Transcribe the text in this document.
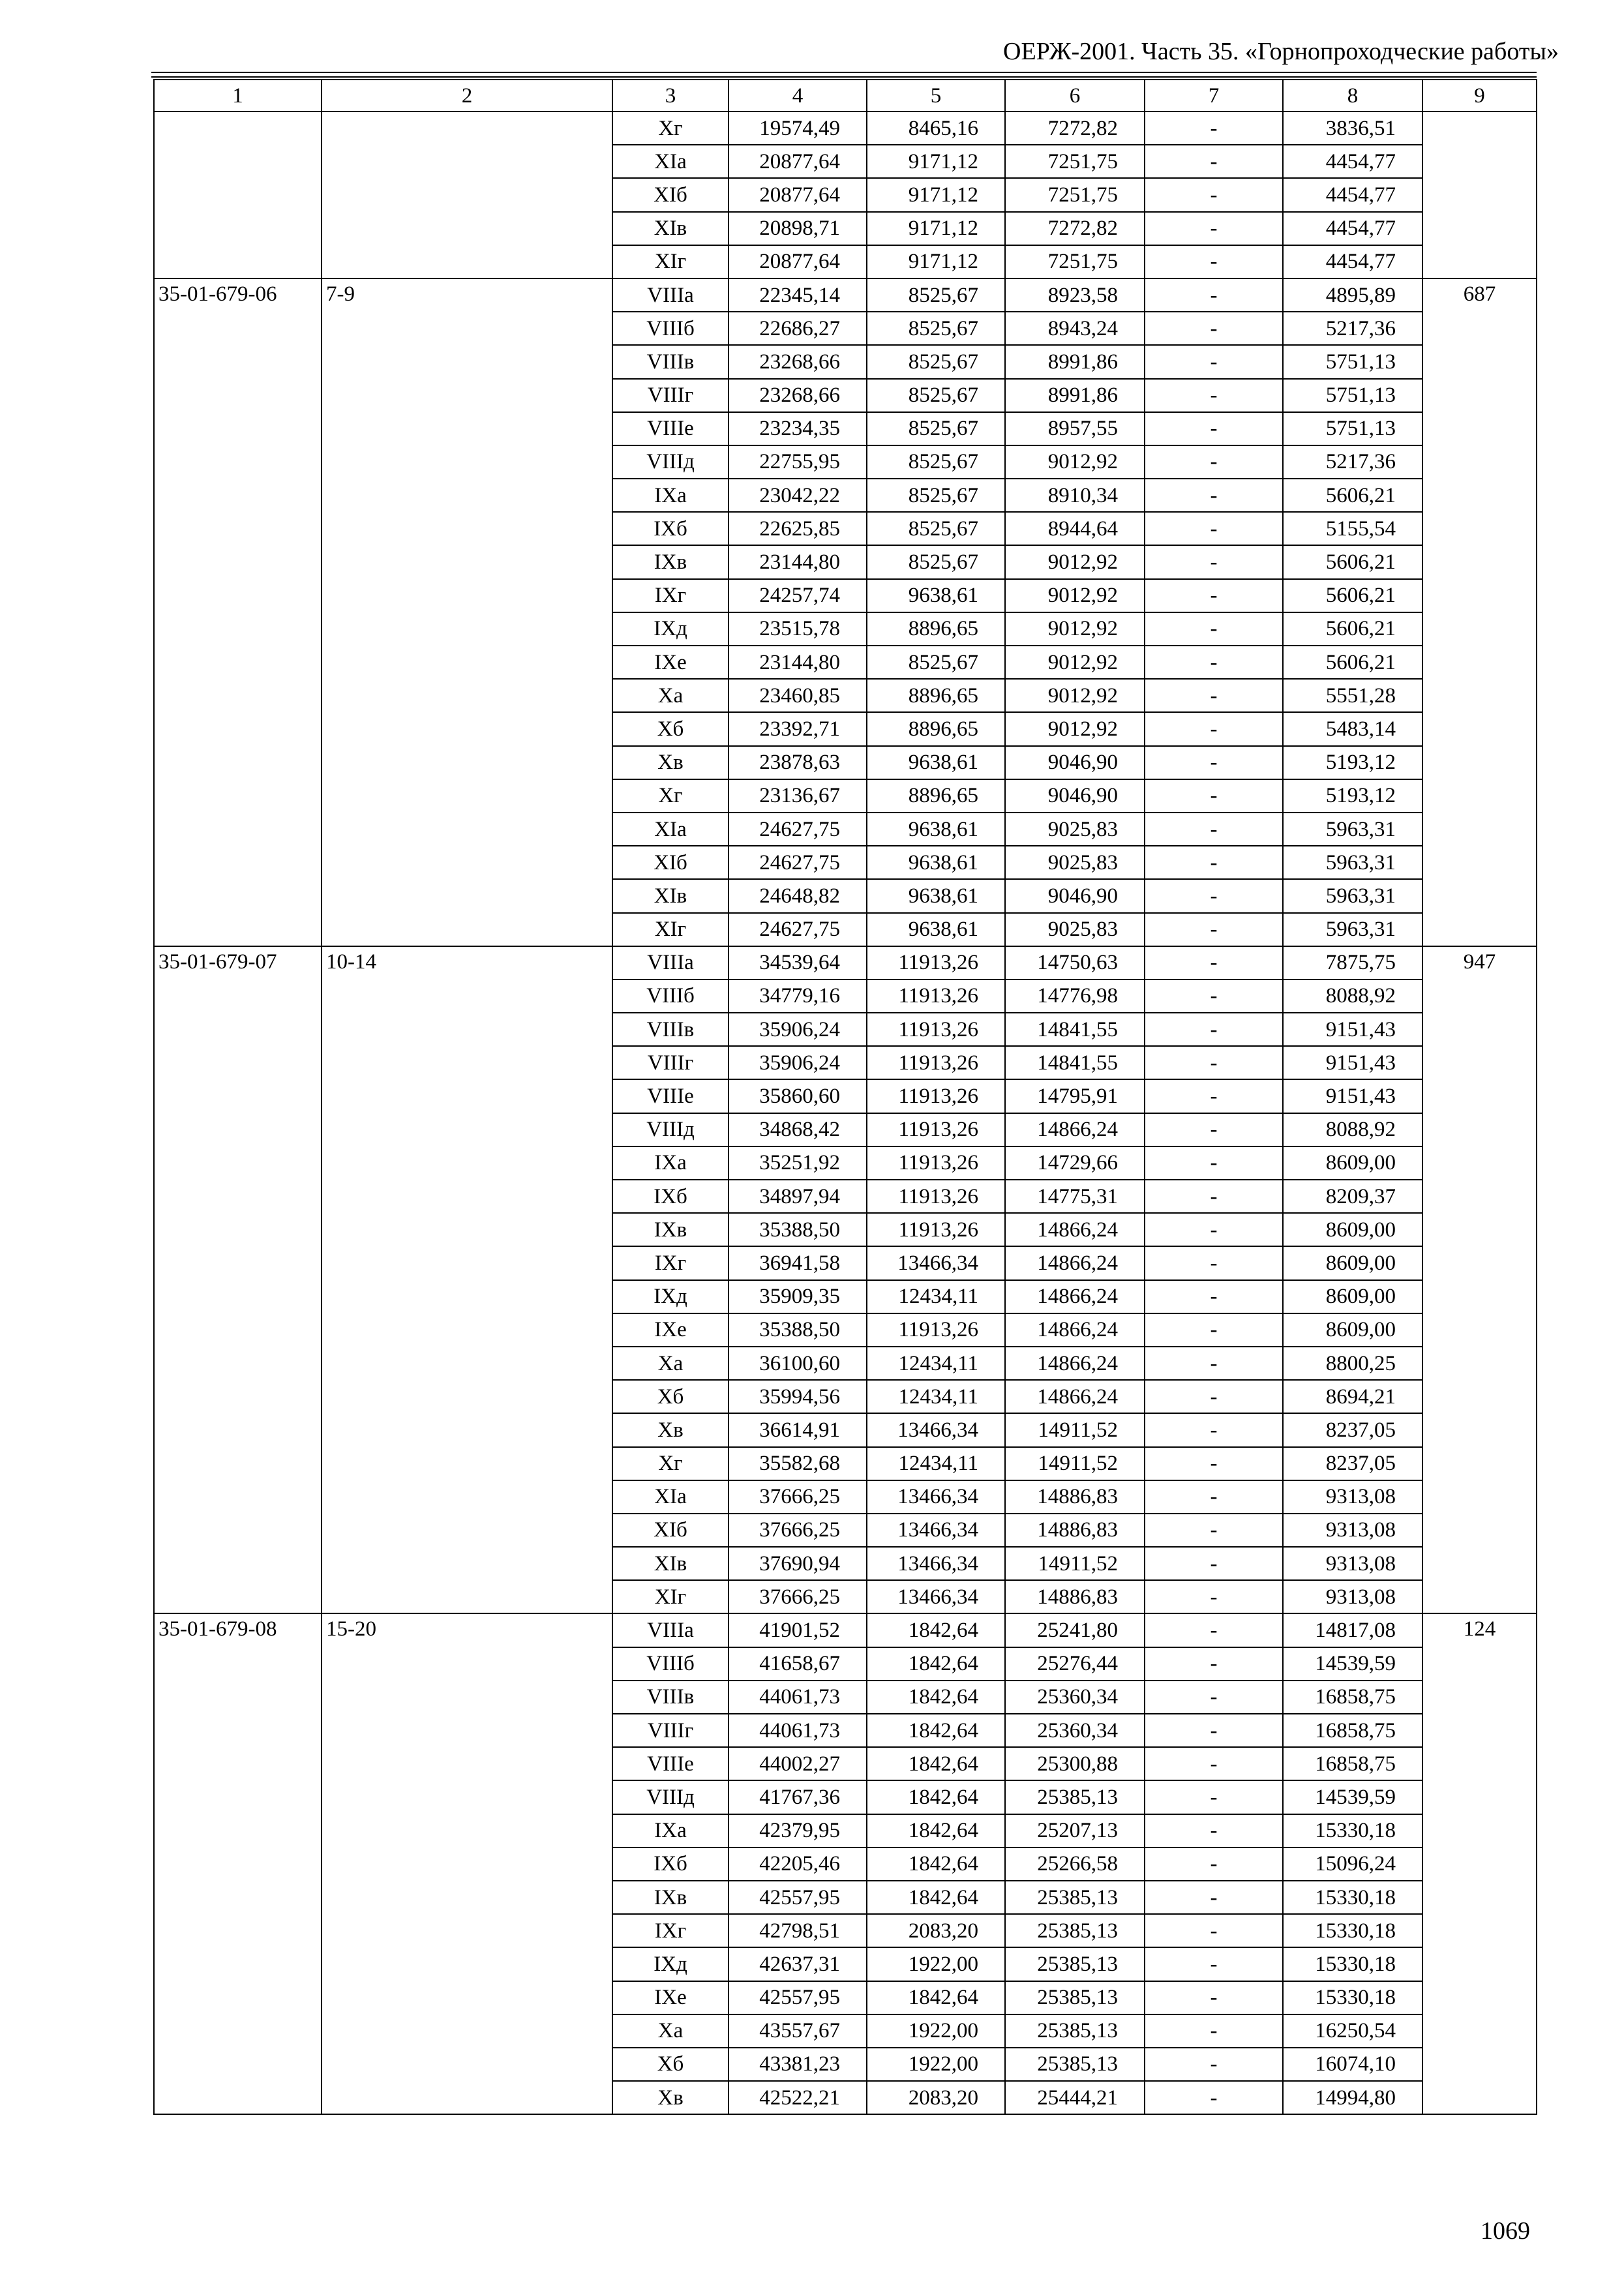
ОЕРЖ-2001. Часть 35. «Горнопроходческие работы»
1	2	3	4	5	6	7	8	9
		Xг	19574,49	8465,16	7272,82	-	3836,51	
		XIа	20877,64	9171,12	7251,75	-	4454,77	
		XIб	20877,64	9171,12	7251,75	-	4454,77	
		XIв	20898,71	9171,12	7272,82	-	4454,77	
		XIг	20877,64	9171,12	7251,75	-	4454,77	
35-01-679-06	7-9	VIIIа	22345,14	8525,67	8923,58	-	4895,89	687
		VIIIб	22686,27	8525,67	8943,24	-	5217,36	
		VIIIв	23268,66	8525,67	8991,86	-	5751,13	
		VIIIг	23268,66	8525,67	8991,86	-	5751,13	
		VIIIе	23234,35	8525,67	8957,55	-	5751,13	
		VIIIд	22755,95	8525,67	9012,92	-	5217,36	
		IXа	23042,22	8525,67	8910,34	-	5606,21	
		IXб	22625,85	8525,67	8944,64	-	5155,54	
		IXв	23144,80	8525,67	9012,92	-	5606,21	
		IXг	24257,74	9638,61	9012,92	-	5606,21	
		IXд	23515,78	8896,65	9012,92	-	5606,21	
		IXе	23144,80	8525,67	9012,92	-	5606,21	
		Xа	23460,85	8896,65	9012,92	-	5551,28	
		Xб	23392,71	8896,65	9012,92	-	5483,14	
		Xв	23878,63	9638,61	9046,90	-	5193,12	
		Xг	23136,67	8896,65	9046,90	-	5193,12	
		XIа	24627,75	9638,61	9025,83	-	5963,31	
		XIб	24627,75	9638,61	9025,83	-	5963,31	
		XIв	24648,82	9638,61	9046,90	-	5963,31	
		XIг	24627,75	9638,61	9025,83	-	5963,31	
35-01-679-07	10-14	VIIIа	34539,64	11913,26	14750,63	-	7875,75	947
		VIIIб	34779,16	11913,26	14776,98	-	8088,92	
		VIIIв	35906,24	11913,26	14841,55	-	9151,43	
		VIIIг	35906,24	11913,26	14841,55	-	9151,43	
		VIIIе	35860,60	11913,26	14795,91	-	9151,43	
		VIIIд	34868,42	11913,26	14866,24	-	8088,92	
		IXа	35251,92	11913,26	14729,66	-	8609,00	
		IXб	34897,94	11913,26	14775,31	-	8209,37	
		IXв	35388,50	11913,26	14866,24	-	8609,00	
		IXг	36941,58	13466,34	14866,24	-	8609,00	
		IXд	35909,35	12434,11	14866,24	-	8609,00	
		IXе	35388,50	11913,26	14866,24	-	8609,00	
		Xа	36100,60	12434,11	14866,24	-	8800,25	
		Xб	35994,56	12434,11	14866,24	-	8694,21	
		Xв	36614,91	13466,34	14911,52	-	8237,05	
		Xг	35582,68	12434,11	14911,52	-	8237,05	
		XIа	37666,25	13466,34	14886,83	-	9313,08	
		XIб	37666,25	13466,34	14886,83	-	9313,08	
		XIв	37690,94	13466,34	14911,52	-	9313,08	
		XIг	37666,25	13466,34	14886,83	-	9313,08	
35-01-679-08	15-20	VIIIа	41901,52	1842,64	25241,80	-	14817,08	124
		VIIIб	41658,67	1842,64	25276,44	-	14539,59	
		VIIIв	44061,73	1842,64	25360,34	-	16858,75	
		VIIIг	44061,73	1842,64	25360,34	-	16858,75	
		VIIIе	44002,27	1842,64	25300,88	-	16858,75	
		VIIIд	41767,36	1842,64	25385,13	-	14539,59	
		IXа	42379,95	1842,64	25207,13	-	15330,18	
		IXб	42205,46	1842,64	25266,58	-	15096,24	
		IXв	42557,95	1842,64	25385,13	-	15330,18	
		IXг	42798,51	2083,20	25385,13	-	15330,18	
		IXд	42637,31	1922,00	25385,13	-	15330,18	
		IXе	42557,95	1842,64	25385,13	-	15330,18	
		Xа	43557,67	1922,00	25385,13	-	16250,54	
		Xб	43381,23	1922,00	25385,13	-	16074,10	
		Xв	42522,21	2083,20	25444,21	-	14994,80	
1069
